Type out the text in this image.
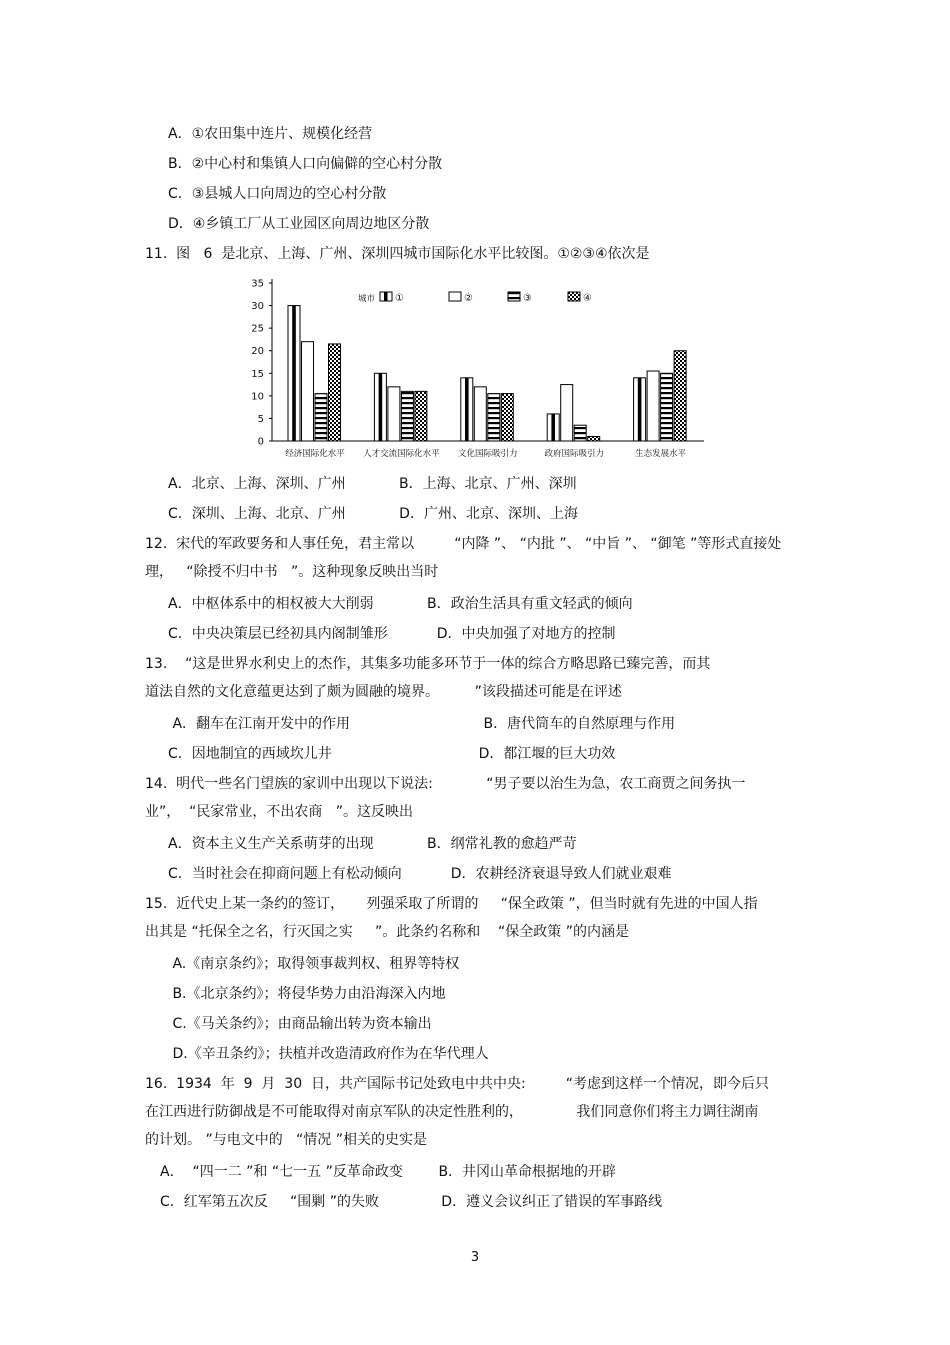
A．①农田集中连片、规模化经营
B．②中心村和集镇人口向偏僻的空心村分散
C．③县城人口向周边的空心村分散
D．④乡镇工厂从工业园区向周边地区分散
11.  图   6  是北京、上海、广州、深圳四城市国际化水平比较图。①②③④依次是
0
5
10
15
20
25
30
35
经济国际化水平 人才交流国际化水平 文化国际吸引力	政府国际吸引力	生态发展水平
城市 ①	②	③	④
A．北京、上海、深圳、广州            B．上海、北京、广州、深圳
C．深圳、上海、北京、广州            D．广州、北京、深圳、上海
12.  宋代的军政要务和人事任免，君主常以         “内降 ”、 “内批 ”、 “中旨 ”、 “御笔 ”等形式直接处
理，   “除授不归中书   ”。这种现象反映出当时
A．中枢体系中的相权被大大削弱            B．政治生活具有重文轻武的倾向
C．中央决策层已经初具内阁制雏形           D．中央加强了对地方的控制
13.    “这是世界水利史上的杰作，其集多功能多环节于一体的综合方略思路已臻完善，而其
道法自然的文化意蕴更达到了颇为圆融的境界。        ”该段描述可能是在评述
A．翻车在江南开发中的作用                              B．唐代筒车的自然原理与作用
C．因地制宜的西域坎儿井                                 D．都江堰的巨大功效
14.  明代一些名门望族的家训中出现以下说法:            “男子要以治生为急，农工商贾之间务执一
业”，  “民家常业，不出农商   ”。这反映出
A．资本主义生产关系萌芽的出现            B．纲常礼教的愈趋严苛
C．当时社会在抑商问题上有松动倾向           D．农耕经济衰退导致人们就业艰难
15.  近代史上某一条约的签订，     列强采取了所谓的     “保全政策 ”，但当时就有先进的中国人指
出其是 “托保全之名，行灭国之实     ”。此条约名称和    “保全政策 ”的内涵是
A.《南京条约》；取得领事裁判权、租界等特权
B.《北京条约》；将侵华势力由沿海深入内地
C.《马关条约》；由商品输出转为资本输出
D.《辛丑条约》；扶植并改造清政府作为在华代理人
16.  1934  年  9  月  30  日，共产国际书记处致电中共中央:         “考虑到这样一个情况，即今后只
在江西进行防御战是不可能取得对南京军队的决定性胜利的，            我们同意你们将主力调往湖南
的计划。 ”与电文中的   “情况 ”相关的史实是
A．  “四一二 ”和 “七一五 ”反革命政变        B．井冈山革命根据地的开辟
C．红军第五次反     “围剿 ”的失败              D．遵义会议纠正了错误的军事路线
3
